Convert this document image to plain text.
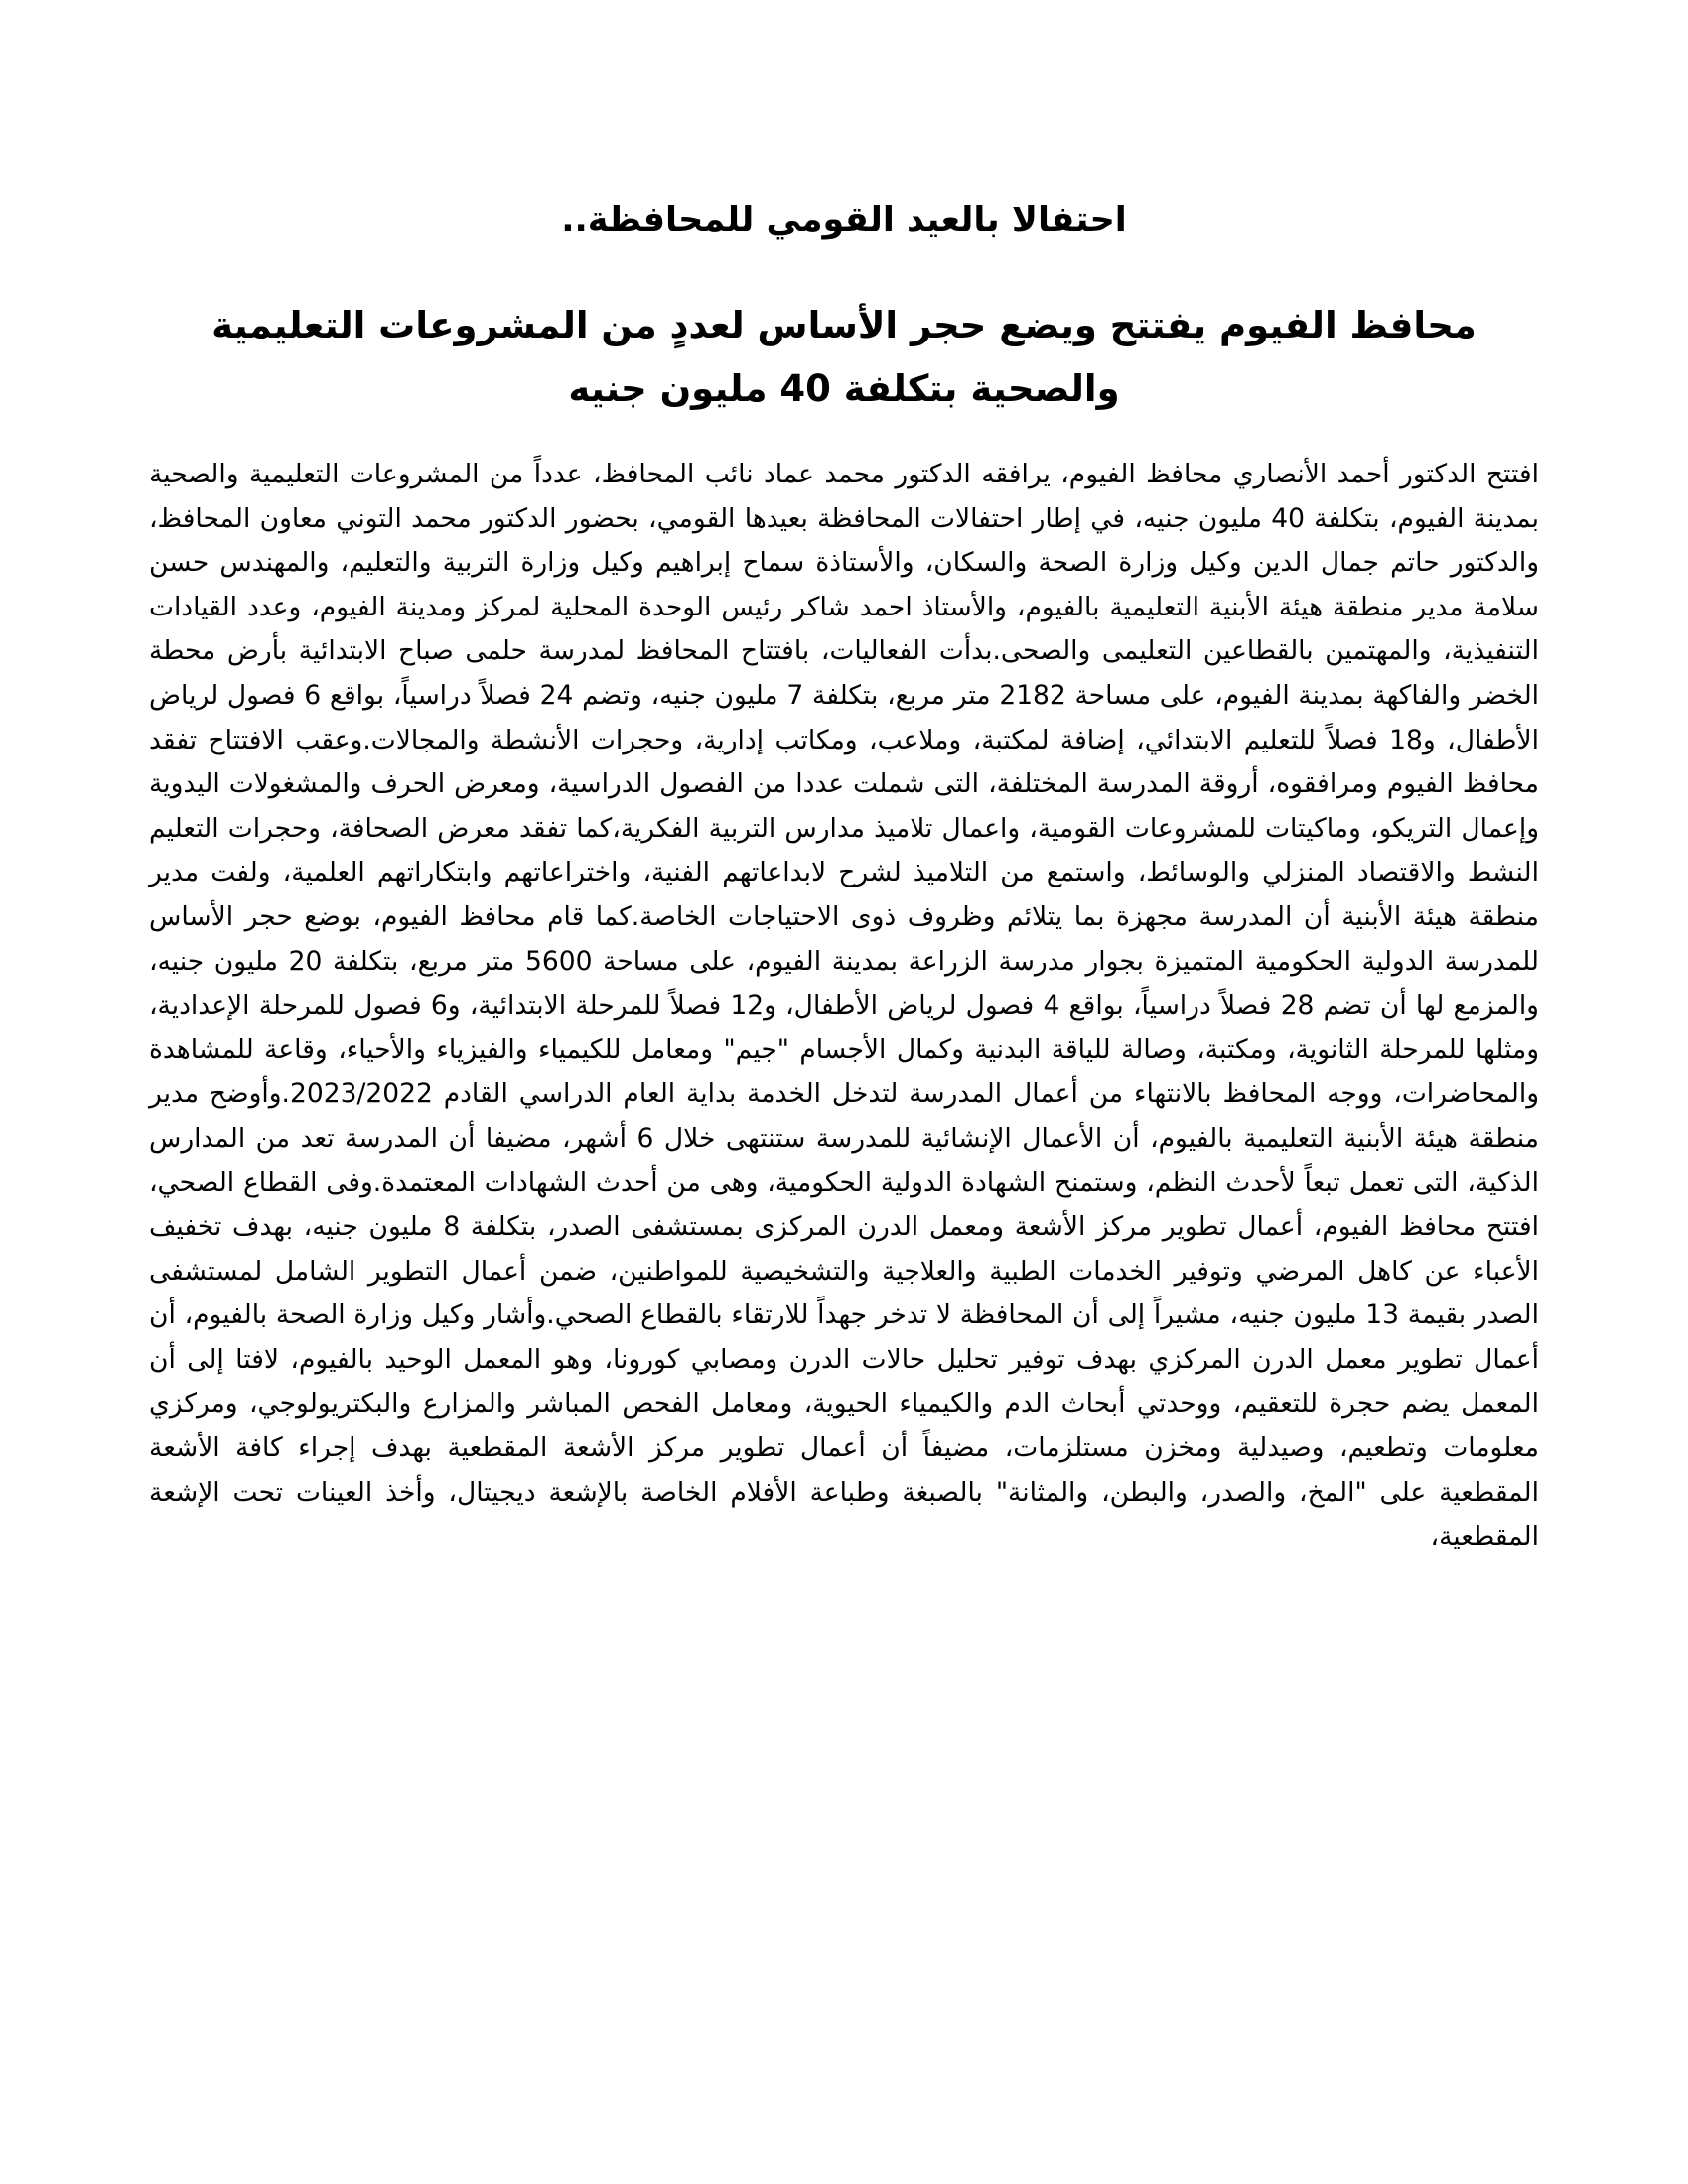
احتفالا بالعيد القومي للمحافظة..
محافظ الفيوم يفتتح ويضع حجر الأساس لعددٍ من المشروعات التعليمية والصحية بتكلفة 40 مليون جنيه

افتتح الدكتور أحمد الأنصاري محافظ الفيوم، يرافقه الدكتور محمد عماد نائب المحافظ، عدداً من المشروعات التعليمية والصحية بمدينة الفيوم، بتكلفة 40 مليون جنيه، في إطار احتفالات المحافظة بعيدها القومي، بحضور الدكتور محمد التوني معاون المحافظ، والدكتور حاتم جمال الدين وكيل وزارة الصحة والسكان، والأستاذة سماح إبراهيم وكيل وزارة التربية والتعليم، والمهندس حسن سلامة مدير منطقة هيئة الأبنية التعليمية بالفيوم، والأستاذ احمد شاكر رئيس الوحدة المحلية لمركز ومدينة الفيوم، وعدد القيادات التنفيذية، والمهتمين بالقطاعين التعليمى والصحى.بدأت الفعاليات، بافتتاح المحافظ لمدرسة حلمى صباح الابتدائية بأرض محطة الخضر والفاكهة بمدينة الفيوم، على مساحة 2182 متر مربع، بتكلفة 7 مليون جنيه، وتضم 24 فصلاً دراسياً، بواقع 6 فصول لرياض الأطفال، و18 فصلاً للتعليم الابتدائي، إضافة لمكتبة، وملاعب، ومكاتب إدارية، وحجرات الأنشطة والمجالات.وعقب الافتتاح تفقد محافظ الفيوم ومرافقوه، أروقة المدرسة المختلفة، التى شملت عددا من الفصول الدراسية، ومعرض الحرف والمشغولات اليدوية وإعمال التريكو، وماكيتات للمشروعات القومية، واعمال تلاميذ مدارس التربية الفكرية،كما تفقد معرض الصحافة، وحجرات التعليم النشط والاقتصاد المنزلي والوسائط، واستمع من التلاميذ لشرح لابداعاتهم الفنية، واختراعاتهم وابتكاراتهم العلمية، ولفت مدير منطقة هيئة الأبنية أن المدرسة مجهزة بما يتلائم وظروف ذوى الاحتياجات الخاصة.كما قام محافظ الفيوم، بوضع حجر الأساس للمدرسة الدولية الحكومية المتميزة بجوار مدرسة الزراعة بمدينة الفيوم، على مساحة 5600 متر مربع، بتكلفة 20 مليون جنيه، والمزمع لها أن تضم 28 فصلاً دراسياً، بواقع 4 فصول لرياض الأطفال، و12 فصلاً للمرحلة الابتدائية، و6 فصول للمرحلة الإعدادية، ومثلها للمرحلة الثانوية، ومكتبة، وصالة للياقة البدنية وكمال الأجسام "جيم" ومعامل للكيمياء والفيزياء والأحياء، وقاعة للمشاهدة والمحاضرات، ووجه المحافظ بالانتهاء من أعمال المدرسة لتدخل الخدمة بداية العام الدراسي القادم 2023/2022.وأوضح مدير منطقة هيئة الأبنية التعليمية بالفيوم، أن الأعمال الإنشائية للمدرسة ستنتهى خلال 6 أشهر، مضيفا أن المدرسة تعد من المدارس الذكية، التى تعمل تبعاً لأحدث النظم، وستمنح الشهادة الدولية الحكومية، وهى من أحدث الشهادات المعتمدة.وفى القطاع الصحي، افتتح محافظ الفيوم، أعمال تطوير مركز الأشعة ومعمل الدرن المركزى بمستشفى الصدر، بتكلفة 8 مليون جنيه، بهدف تخفيف الأعباء عن كاهل المرضي وتوفير الخدمات الطبية والعلاجية والتشخيصية للمواطنين، ضمن أعمال التطوير الشامل لمستشفى الصدر بقيمة 13 مليون جنيه، مشيراً إلى أن المحافظة لا تدخر جهداً للارتقاء بالقطاع الصحي.وأشار وكيل وزارة الصحة بالفيوم، أن أعمال تطوير معمل الدرن المركزي بهدف توفير تحليل حالات الدرن ومصابي كورونا، وهو المعمل الوحيد بالفيوم، لافتا إلى أن المعمل يضم حجرة للتعقيم، ووحدتي أبحاث الدم والكيمياء الحيوية، ومعامل الفحص المباشر والمزارع والبكتريولوجي، ومركزي معلومات وتطعيم، وصيدلية ومخزن مستلزمات، مضيفاً أن أعمال تطوير مركز الأشعة المقطعية بهدف إجراء كافة الأشعة المقطعية على "المخ، والصدر، والبطن، والمثانة" بالصبغة وطباعة الأفلام الخاصة بالإشعة ديجيتال، وأخذ العينات تحت الإشعة المقطعية،
